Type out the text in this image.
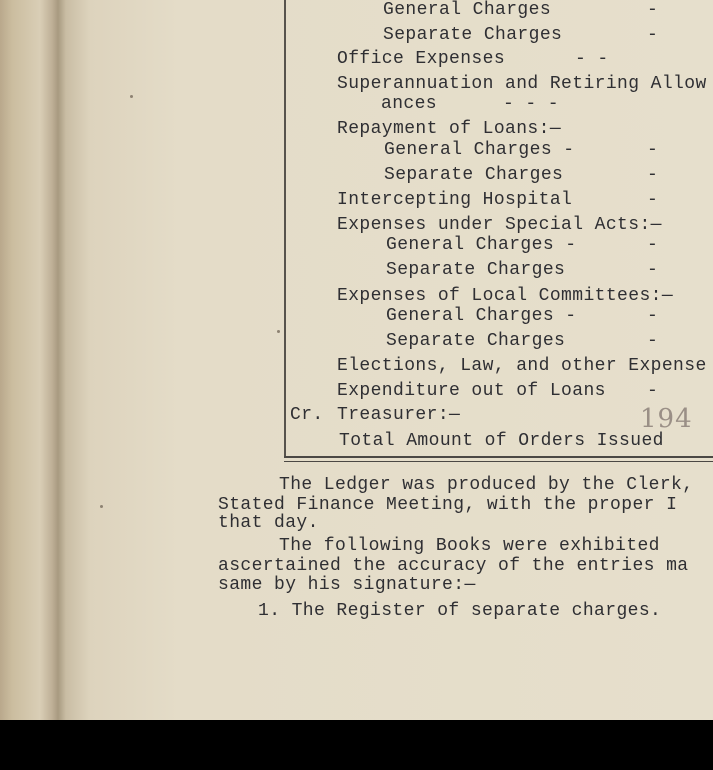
General Charges	-
Separate Charges	-
Office Expenses	- -
Superannuation and Retiring Allow
ances	- - -
Repayment of Loans:—
General Charges -	-
Separate Charges	-
Intercepting Hospital	-
Expenses under Special Acts:—
General Charges -	-
Separate Charges	-
Expenses of Local Committees:—
General Charges -	-
Separate Charges	-
Elections, Law, and other Expense
Expenditure out of Loans -
Cr. Treasurer:—	194
Total Amount of Orders Issued
The Ledger was produced by the Clerk,
Stated Finance Meeting, with the proper I
that day.
The following Books were exhibited
ascertained the accuracy of the entries ma
same by his signature:—
1. The Register of separate charges.
